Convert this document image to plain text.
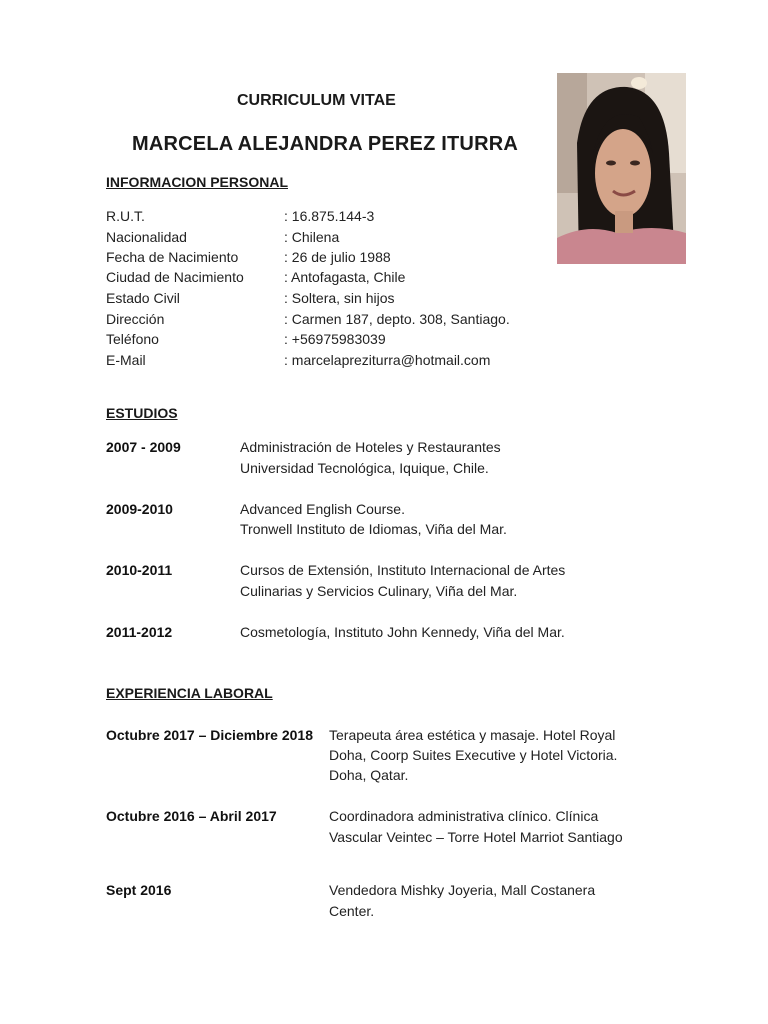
CURRICULUM VITAE
MARCELA ALEJANDRA PEREZ ITURRA
INFORMACION PERSONAL
R.U.T.	: 16.875.144-3
Nacionalidad	: Chilena
Fecha de Nacimiento	: 26 de julio 1988
Ciudad de Nacimiento	: Antofagasta, Chile
Estado Civil	: Soltera, sin hijos
Dirección	: Carmen 187, depto. 308, Santiago.
Teléfono	: +56975983039
E-Mail	: marcelapreziturra@hotmail.com
ESTUDIOS
2007 - 2009	Administración de Hoteles y Restaurantes
Universidad Tecnológica, Iquique, Chile.
2009-2010	Advanced English Course.
Tronwell Instituto de Idiomas, Viña del Mar.
2010-2011	Cursos de Extensión, Instituto Internacional de Artes
Culinarias y Servicios Culinary, Viña del Mar.
2011-2012	Cosmetología, Instituto John Kennedy, Viña del Mar.
EXPERIENCIA LABORAL
Octubre 2017 – Diciembre 2018 Terapeuta área estética y masaje. Hotel Royal
Doha, Coorp Suites Executive y Hotel Victoria.
Doha, Qatar.
Octubre 2016 – Abril 2017	Coordinadora administrativa clínico. Clínica
Vascular Veintec – Torre Hotel Marriot Santiago
Sept 2016	Vendedora Mishky Joyeria, Mall Costanera
Center.
